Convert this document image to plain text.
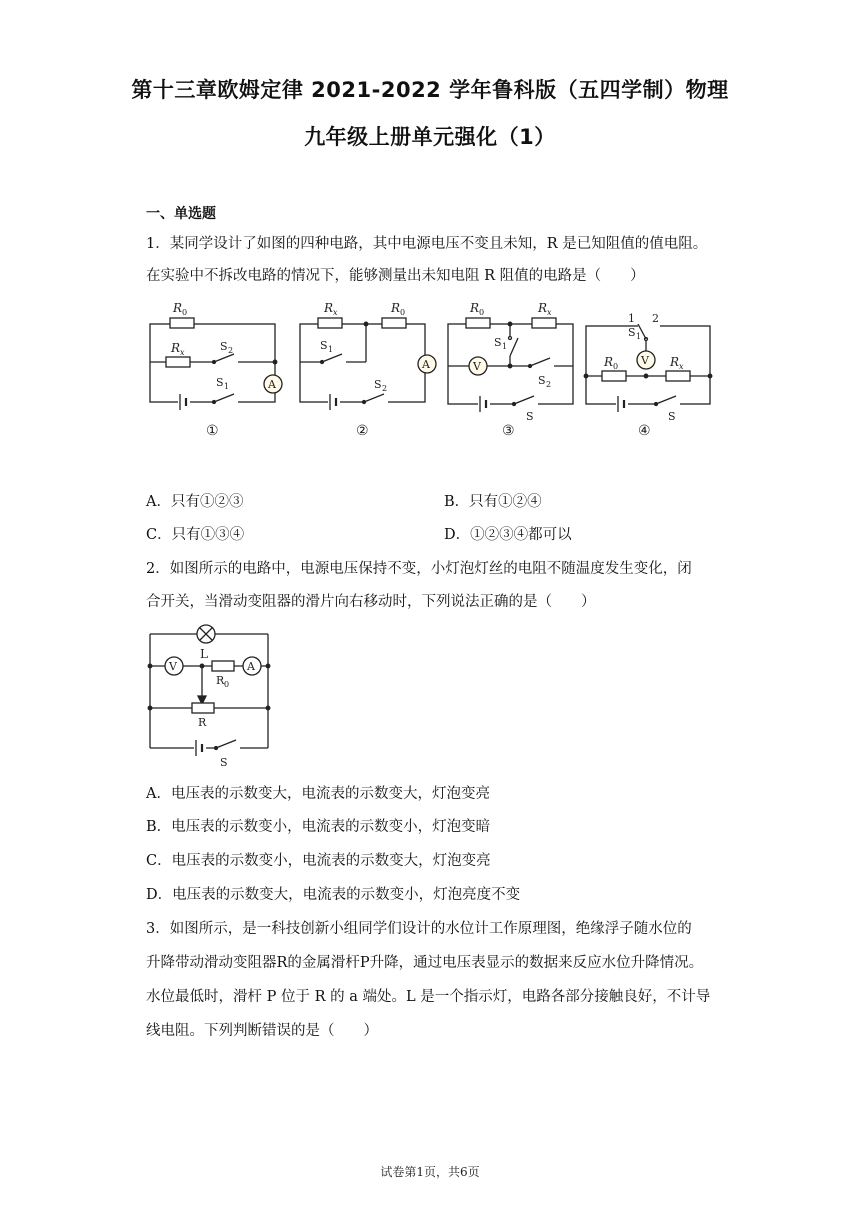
第十三章欧姆定律 2021-2022 学年鲁科版（五四学制）物理
九年级上册单元强化（1）
一、单选题
1．某同学设计了如图的四种电路，其中电源电压不变且未知，R 是已知阻值的值电阻。
在实验中不拆改电路的情况下，能够测量出未知电阻 R 阻值的电路是（　　）
R 0
R x	S 2
A
S 1
R x	R 0
S 1
A
S 2
R 0	R x
V
S 1
S 2
S
R 0 V
S 1
1 2
R x
S
①	②	③	④
A．只有①②③	B．只有①②④
C．只有①③④	D．①②③④都可以
2．如图所示的电路中，电源电压保持不变，小灯泡灯丝的电阻不随温度发生变化，闭
合开关，当滑动变阻器的滑片向右移动时，下列说法正确的是（　　）
L
V
R 0
A
R
S
A．电压表的示数变大，电流表的示数变大，灯泡变亮
B．电压表的示数变小，电流表的示数变小，灯泡变暗
C．电压表的示数变小，电流表的示数变大，灯泡变亮
D．电压表的示数变大，电流表的示数变小，灯泡亮度不变
3．如图所示，是一科技创新小组同学们设计的水位计工作原理图，绝缘浮子随水位的
升降带动滑动变阻器R的金属滑杆P升降，通过电压表显示的数据来反应水位升降情况。
水位最低时，滑杆 P 位于 R 的 a 端处。L 是一个指示灯，电路各部分接触良好，不计导
线电阻。下列判断错误的是（　　）
试卷第1页，共6页
